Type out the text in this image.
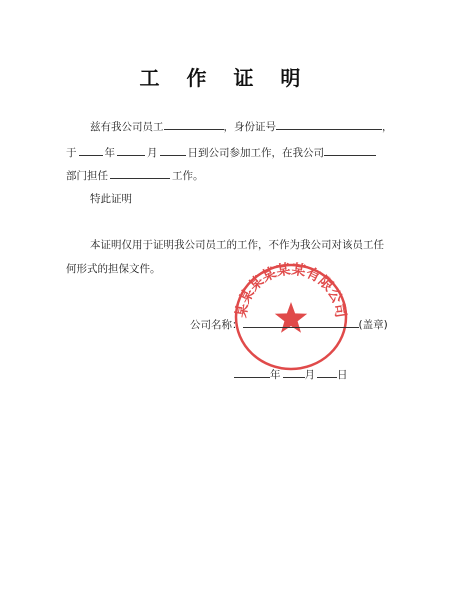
工 作 证 明
兹有我公司员工	，身份证号	，
于	年	月	日到公司参加工作，在我公司
部门担任	工作。
特此证明
本证明仅用于证明我公司员工的工作，不作为我公司对该员工任
何形式的担保文件。
某某某某某某有限公司
公司名称：	(盖章)
年 月 日
